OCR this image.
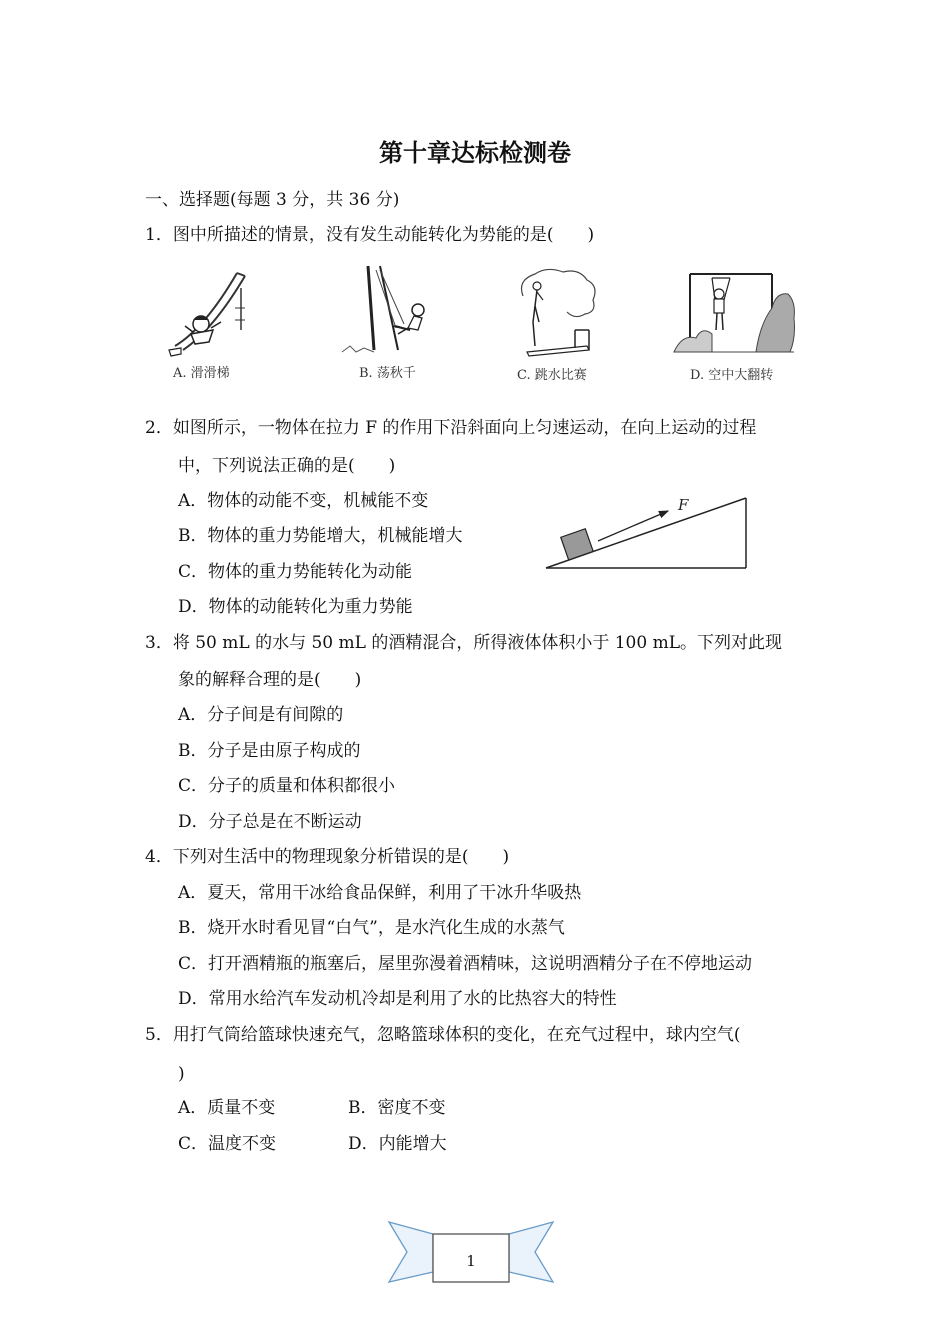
第十章达标检测卷
一、选择题(每题 3 分，共 36 分)
1．图中所描述的情景，没有发生动能转化为势能的是(　　)
A. 滑滑梯	B. 荡秋千	C. 跳水比赛	D. 空中大翻转
2．如图所示，一物体在拉力 F 的作用下沿斜面向上匀速运动，在向上运动的过程
中，下列说法正确的是(　　)
A．物体的动能不变，机械能不变
B．物体的重力势能增大，机械能增大
C．物体的重力势能转化为动能
D．物体的动能转化为重力势能
F
3．将 50 mL 的水与 50 mL 的酒精混合，所得液体体积小于 100 mL。下列对此现
象的解释合理的是(　　)
A．分子间是有间隙的
B．分子是由原子构成的
C．分子的质量和体积都很小
D．分子总是在不断运动
4．下列对生活中的物理现象分析错误的是(　　)
A．夏天，常用干冰给食品保鲜，利用了干冰升华吸热
B．烧开水时看见冒“白气”，是水汽化生成的水蒸气
C．打开酒精瓶的瓶塞后，屋里弥漫着酒精味，这说明酒精分子在不停地运动
D．常用水给汽车发动机冷却是利用了水的比热容大的特性
5．用打气筒给篮球快速充气，忽略篮球体积的变化，在充气过程中，球内空气(
)
A．质量不变	B．密度不变
C．温度不变	D．内能增大
1
